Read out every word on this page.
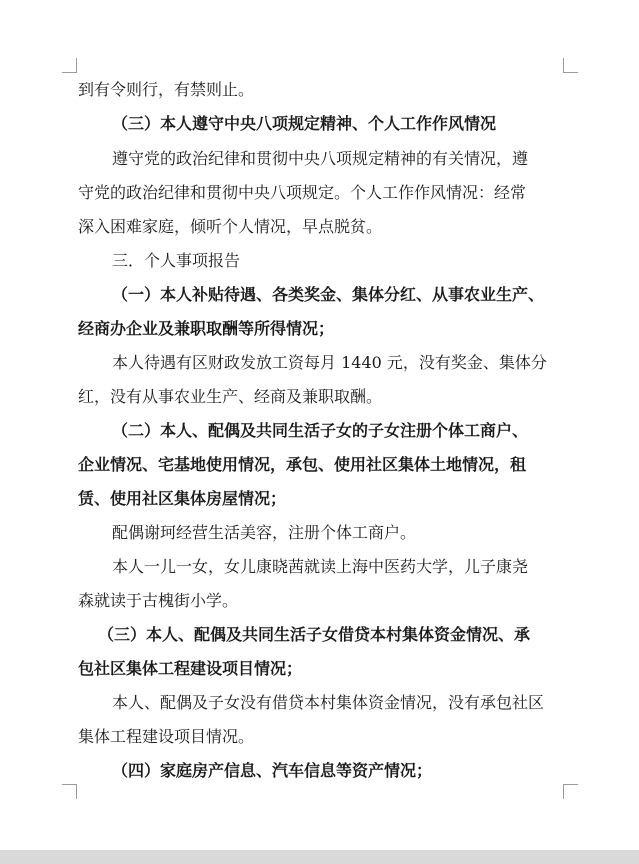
到有令则行，有禁则止。
（三）本人遵守中央八项规定精神、个人工作作风情况
遵守党的政治纪律和贯彻中央八项规定精神的有关情况，遵
守党的政治纪律和贯彻中央八项规定。个人工作作风情况：经常
深入困难家庭，倾听个人情况，早点脱贫。
三．个人事项报告
（一）本人补贴待遇、各类奖金、集体分红、从事农业生产、
经商办企业及兼职取酬等所得情况；
本人待遇有区财政发放工资每月 1440 元，没有奖金、集体分
红，没有从事农业生产、经商及兼职取酬。
（二）本人、配偶及共同生活子女的子女注册个体工商户、
企业情况、宅基地使用情况，承包、使用社区集体土地情况，租
赁、使用社区集体房屋情况；
配偶谢珂经营生活美容，注册个体工商户。
本人一儿一女，女儿康晓茜就读上海中医药大学，儿子康尧
森就读于古槐街小学。
（三）本人、配偶及共同生活子女借贷本村集体资金情况、承
包社区集体工程建设项目情况；
本人、配偶及子女没有借贷本村集体资金情况，没有承包社区
集体工程建设项目情况。
（四）家庭房产信息、汽车信息等资产情况；
